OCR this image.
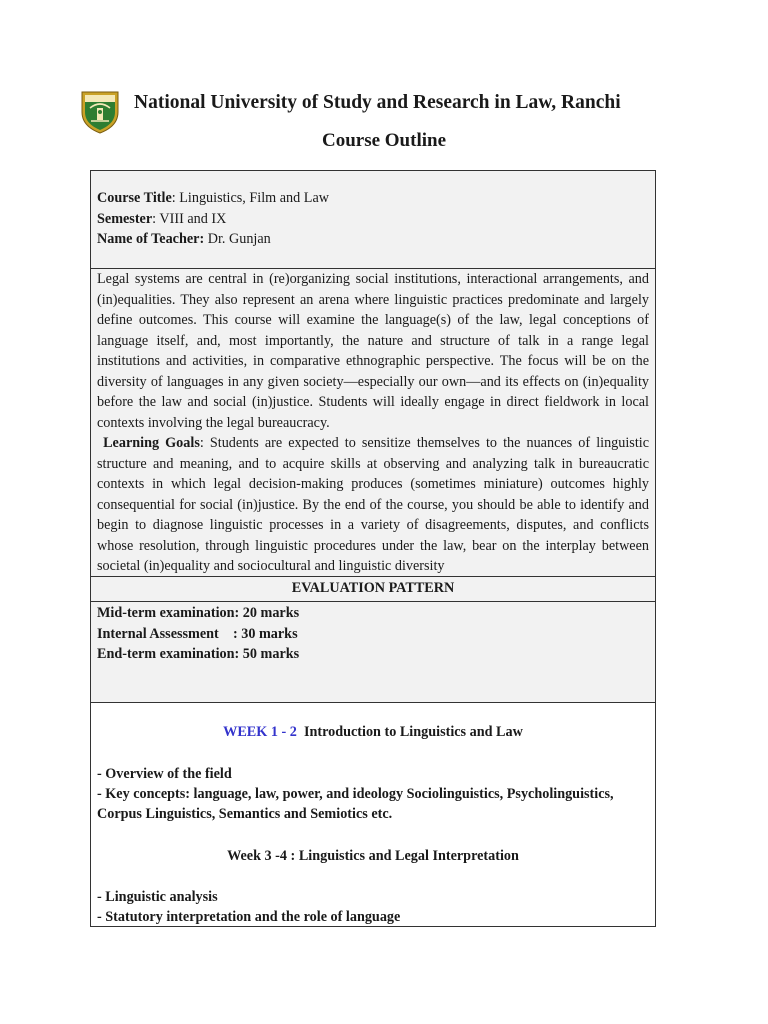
National University of Study and Research in Law, Ranchi
Course Outline
Course Title: Linguistics, Film and Law
Semester: VIII and IX
Name of Teacher: Dr. Gunjan

Legal systems are central in (re)organizing social institutions, interactional arrangements, and (in)equalities. They also represent an arena where linguistic practices predominate and largely define outcomes. This course will examine the language(s) of the law, legal conceptions of language itself, and, most importantly, the nature and structure of talk in a range legal institutions and activities, in comparative ethnographic perspective. The focus will be on the diversity of languages in any given society—especially our own—and its effects on (in)equality before the law and social (in)justice. Students will ideally engage in direct fieldwork in local contexts involving the legal bureaucracy.

Learning Goals: Students are expected to sensitize themselves to the nuances of linguistic structure and meaning, and to acquire skills at observing and analyzing talk in bureaucratic contexts in which legal decision-making produces (sometimes miniature) outcomes highly consequential for social (in)justice. By the end of the course, you should be able to identify and begin to diagnose linguistic processes in a variety of disagreements, disputes, and conflicts whose resolution, through linguistic procedures under the law, bear on the interplay between societal (in)equality and sociocultural and linguistic diversity

EVALUATION PATTERN
Mid-term examination: 20 marks
Internal Assessment    : 30 marks
End-term examination: 50 marks
WEEK 1 - 2 Introduction to Linguistics and Law
- Overview of the field
- Key concepts: language, law, power, and ideology Sociolinguistics, Psycholinguistics,
Corpus Linguistics, Semantics and Semiotics etc.
Week 3 -4 : Linguistics and Legal Interpretation
- Linguistic analysis
- Statutory interpretation and the role of language
